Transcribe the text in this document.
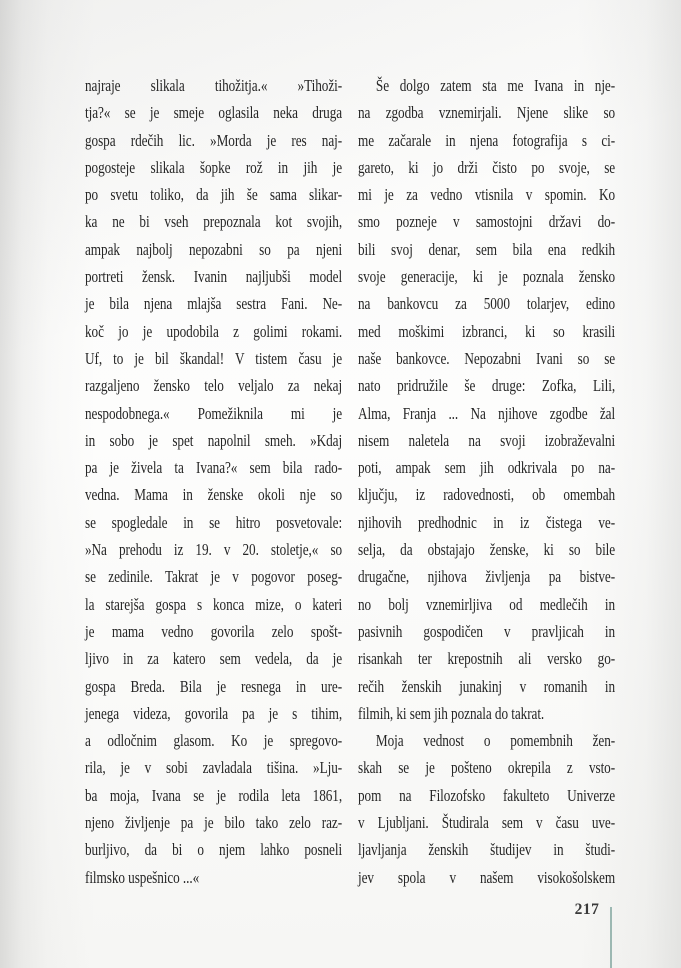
najraje slikala tihožitja.« »Tihoži-
tja?« se je smeje oglasila neka druga
gospa rdečih lic. »Morda je res naj-
pogosteje slikala šopke rož in jih je
po svetu toliko, da jih še sama slikar-
ka ne bi vseh prepoznala kot svojih,
ampak najbolj nepozabni so pa njeni
portreti žensk. Ivanin najljubši model
je bila njena mlajša sestra Fani. Ne-
koč jo je upodobila z golimi rokami.
Uf, to je bil škandal! V tistem času je
razgaljeno žensko telo veljalo za nekaj
nespodobnega.« Pomežiknila mi je
in sobo je spet napolnil smeh. »Kdaj
pa je živela ta Ivana?« sem bila rado-
vedna. Mama in ženske okoli nje so
se spogledale in se hitro posvetovale:
»Na prehodu iz 19. v 20. stoletje,« so
se zedinile. Takrat je v pogovor poseg-
la starejša gospa s konca mize, o kateri
je mama vedno govorila zelo spošt-
ljivo in za katero sem vedela, da je
gospa Breda. Bila je resnega in ure-
jenega videza, govorila pa je s tihim,
a odločnim glasom. Ko je spregovo-
rila, je v sobi zavladala tišina. »Lju-
ba moja, Ivana se je rodila leta 1861,
njeno življenje pa je bilo tako zelo raz-
burljivo, da bi o njem lahko posneli
filmsko uspešnico ...«
Še dolgo zatem sta me Ivana in nje-
na zgodba vznemirjali. Njene slike so
me začarale in njena fotografija s ci-
gareto, ki jo drži čisto po svoje, se
mi je za vedno vtisnila v spomin. Ko
smo pozneje v samostojni državi do-
bili svoj denar, sem bila ena redkih
svoje generacije, ki je poznala žensko
na bankovcu za 5000 tolarjev, edino
med moškimi izbranci, ki so krasili
naše bankovce. Nepozabni Ivani so se
nato pridružile še druge: Zofka, Lili,
Alma, Franja ... Na njihove zgodbe žal
nisem naletela na svoji izobraževalni
poti, ampak sem jih odkrivala po na-
ključju, iz radovednosti, ob omembah
njihovih predhodnic in iz čistega ve-
selja, da obstajajo ženske, ki so bile
drugačne, njihova življenja pa bistve-
no bolj vznemirljiva od medlečih in
pasivnih gospodičen v pravljicah in
risankah ter krepostnih ali versko go-
rečih ženskih junakinj v romanih in
filmih, ki sem jih poznala do takrat.
Moja vednost o pomembnih žen-
skah se je pošteno okrepila z vsto-
pom na Filozofsko fakulteto Univerze
v Ljubljani. Študirala sem v času uve-
ljavljanja ženskih študijev in študi-
jev spola v našem visokošolskem
217
